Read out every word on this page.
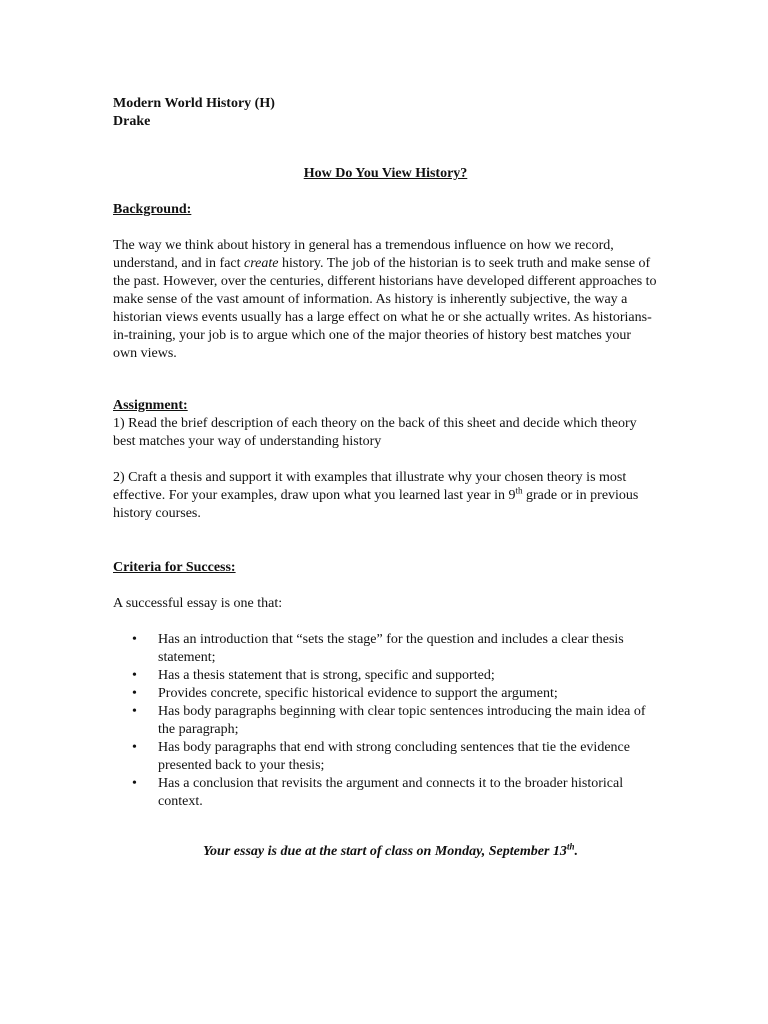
Modern World History (H)

Drake

How Do You View History?

Background:

The way we think about history in general has a tremendous influence on how we record, understand, and in fact create history. The job of the historian is to seek truth and make sense of the past. However, over the centuries, different historians have developed different approaches to make sense of the vast amount of information. As history is inherently subjective, the way a historian views events usually has a large effect on what he or she actually writes. As historians-in-training, your job is to argue which one of the major theories of history best matches your own views.

Assignment:

1) Read the brief description of each theory on the back of this sheet and decide which theory best matches your way of understanding history

2) Craft a thesis and support it with examples that illustrate why your chosen theory is most effective. For your examples, draw upon what you learned last year in 9th grade or in previous history courses.

Criteria for Success:

A successful essay is one that:

• Has an introduction that “sets the stage” for the question and includes a clear thesis statement;
• Has a thesis statement that is strong, specific and supported;
• Provides concrete, specific historical evidence to support the argument;
• Has body paragraphs beginning with clear topic sentences introducing the main idea of the paragraph;
• Has body paragraphs that end with strong concluding sentences that tie the evidence presented back to your thesis;
• Has a conclusion that revisits the argument and connects it to the broader historical context.

Your essay is due at the start of class on Monday, September 13th.
